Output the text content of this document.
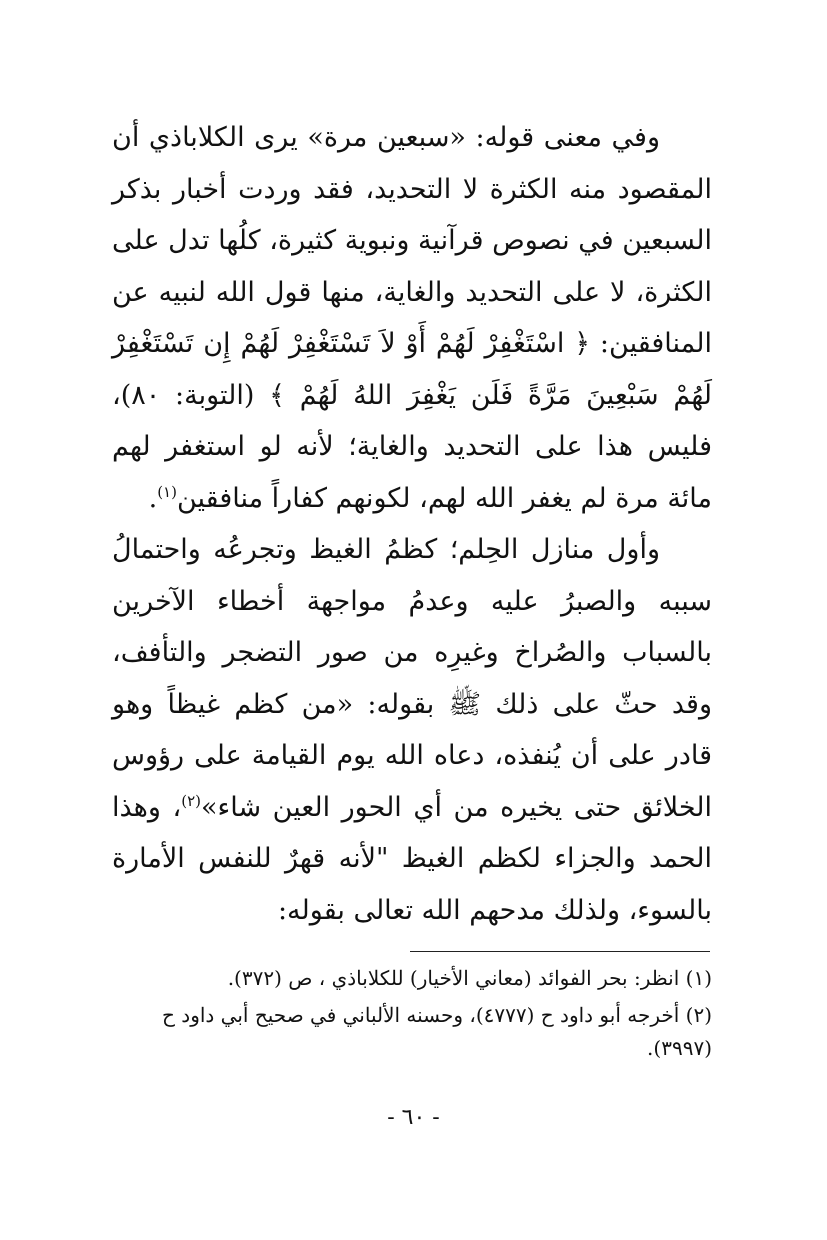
وفي معنى قوله: «سبعين مرة» يرى الكلاباذي أن المقصود منه الكثرة لا التحديد، فقد وردت أخبار بذكر السبعين في نصوص قرآنية ونبوية كثيرة، كلُها تدل على الكثرة، لا على التحديد والغاية، منها قول الله لنبيه عن المنافقين: ﴿ اسْتَغْفِرْ لَهُمْ أَوْ لاَ تَسْتَغْفِرْ لَهُمْ إِن تَسْتَغْفِرْ لَهُمْ سَبْعِينَ مَرَّةً فَلَن يَغْفِرَ اللهُ لَهُمْ ﴾ (التوبة: ٨٠)، فليس هذا على التحديد والغاية؛ لأنه لو استغفر لهم مائة مرة لم يغفر الله لهم، لكونهم كفاراً منافقين$^{(١)}$.

وأول منازل الحِلم؛ كظمُ الغيظ وتجرعُه واحتمالُ سببه والصبرُ عليه وعدمُ مواجهة أخطاء الآخرين بالسباب والصُراخ وغيرِه من صور التضجر والتأفف، وقد حثّ على ذلك ﷺ بقوله: «من كظم غيظاً وهو قادر على أن يُنفذه، دعاه الله يوم القيامة على رؤوس الخلائق حتى يخيره من أي الحور العين شاء»$^{(٢)}$، وهذا الحمد والجزاء لكظم الغيظ "لأنه قهرٌ للنفس الأمارة بالسوء، ولذلك مدحهم الله تعالى بقوله:

(١) انظر: بحر الفوائد (معاني الأخيار) للكلاباذي ، ص (٣٧٢).

(٢) أخرجه أبو داود ح (٤٧٧٧)، وحسنه الألباني في صحيح أبي داود ح (٣٩٩٧).

- ٦٠ -
